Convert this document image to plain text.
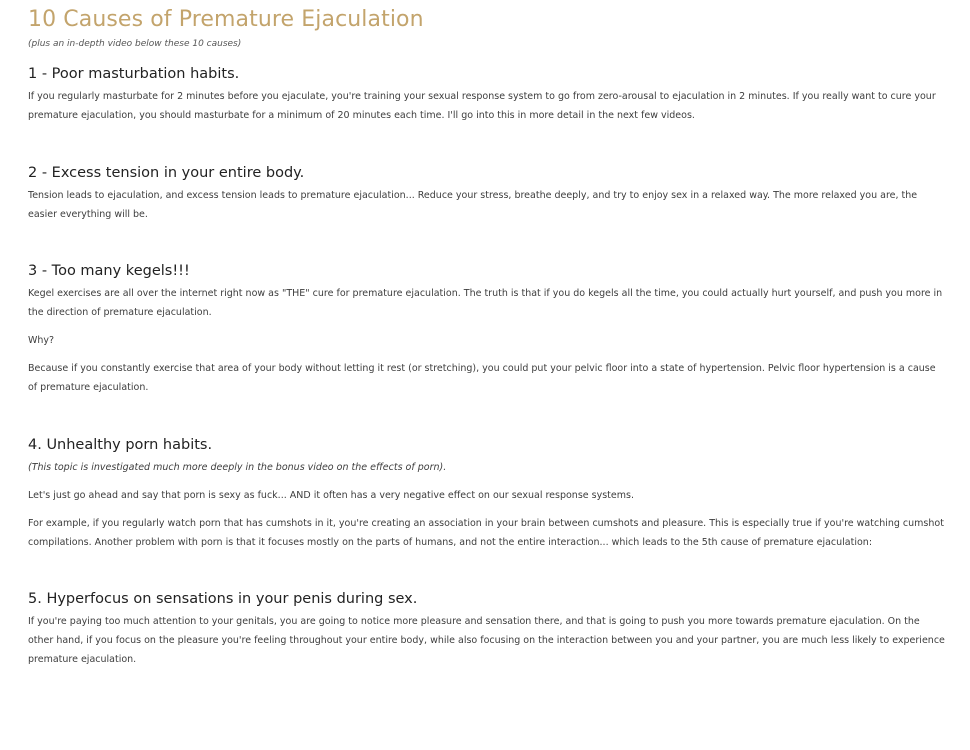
10 Causes of Premature Ejaculation

(plus an in-depth video below these 10 causes)

1 - Poor masturbation habits.

If you regularly masturbate for 2 minutes before you ejaculate, you're training your sexual response system to go from zero-arousal to ejaculation in 2 minutes. If you really want to cure your premature ejaculation, you should masturbate for a minimum of 20 minutes each time. I'll go into this in more detail in the next few videos.

2 - Excess tension in your entire body.

Tension leads to ejaculation, and excess tension leads to premature ejaculation... Reduce your stress, breathe deeply, and try to enjoy sex in a relaxed way. The more relaxed you are, the easier everything will be.

3 - Too many kegels!!!

Kegel exercises are all over the internet right now as "THE" cure for premature ejaculation. The truth is that if you do kegels all the time, you could actually hurt yourself, and push you more in the direction of premature ejaculation.

Why?

Because if you constantly exercise that area of your body without letting it rest (or stretching), you could put your pelvic floor into a state of hypertension. Pelvic floor hypertension is a cause of premature ejaculation.

4. Unhealthy porn habits.

(This topic is investigated much more deeply in the bonus video on the effects of porn).

Let's just go ahead and say that porn is sexy as fuck... AND it often has a very negative effect on our sexual response systems.

For example, if you regularly watch porn that has cumshots in it, you're creating an association in your brain between cumshots and pleasure. This is especially true if you're watching cumshot compilations. Another problem with porn is that it focuses mostly on the parts of humans, and not the entire interaction... which leads to the 5th cause of premature ejaculation:

5. Hyperfocus on sensations in your penis during sex.

If you're paying too much attention to your genitals, you are going to notice more pleasure and sensation there, and that is going to push you more towards premature ejaculation. On the other hand, if you focus on the pleasure you're feeling throughout your entire body, while also focusing on the interaction between you and your partner, you are much less likely to experience premature ejaculation.
